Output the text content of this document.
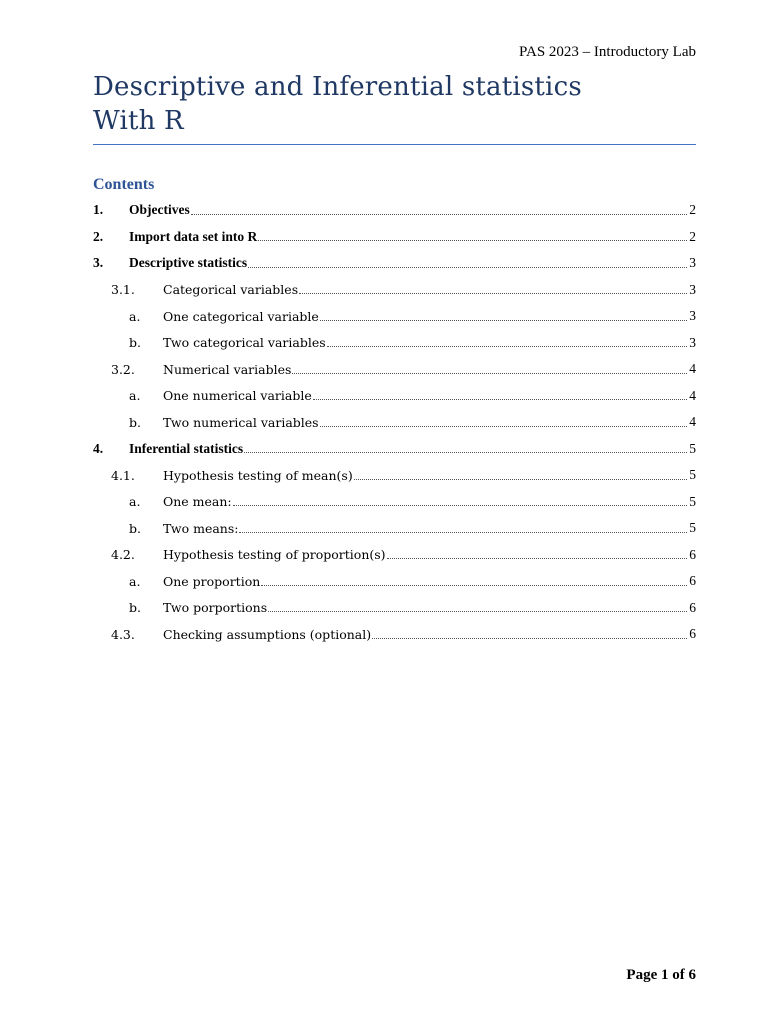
PAS 2023 – Introductory Lab
Descriptive and Inferential statistics
With R
Contents
1.	Objectives	2
2.	Import data set into R	2
3.	Descriptive statistics	3
3.1.	Categorical variables	3
a.	One categorical variable	3
b.	Two categorical variables	3
3.2.	Numerical variables	4
a.	One numerical variable	4
b.	Two numerical variables	4
4.	Inferential statistics	5
4.1.	Hypothesis testing of mean(s)	5
a.	One mean:	5
b.	Two means:	5
4.2.	Hypothesis testing of proportion(s)	6
a.	One proportion	6
b.	Two porportions	6
4.3.	Checking assumptions (optional)	6
Page 1 of 6
